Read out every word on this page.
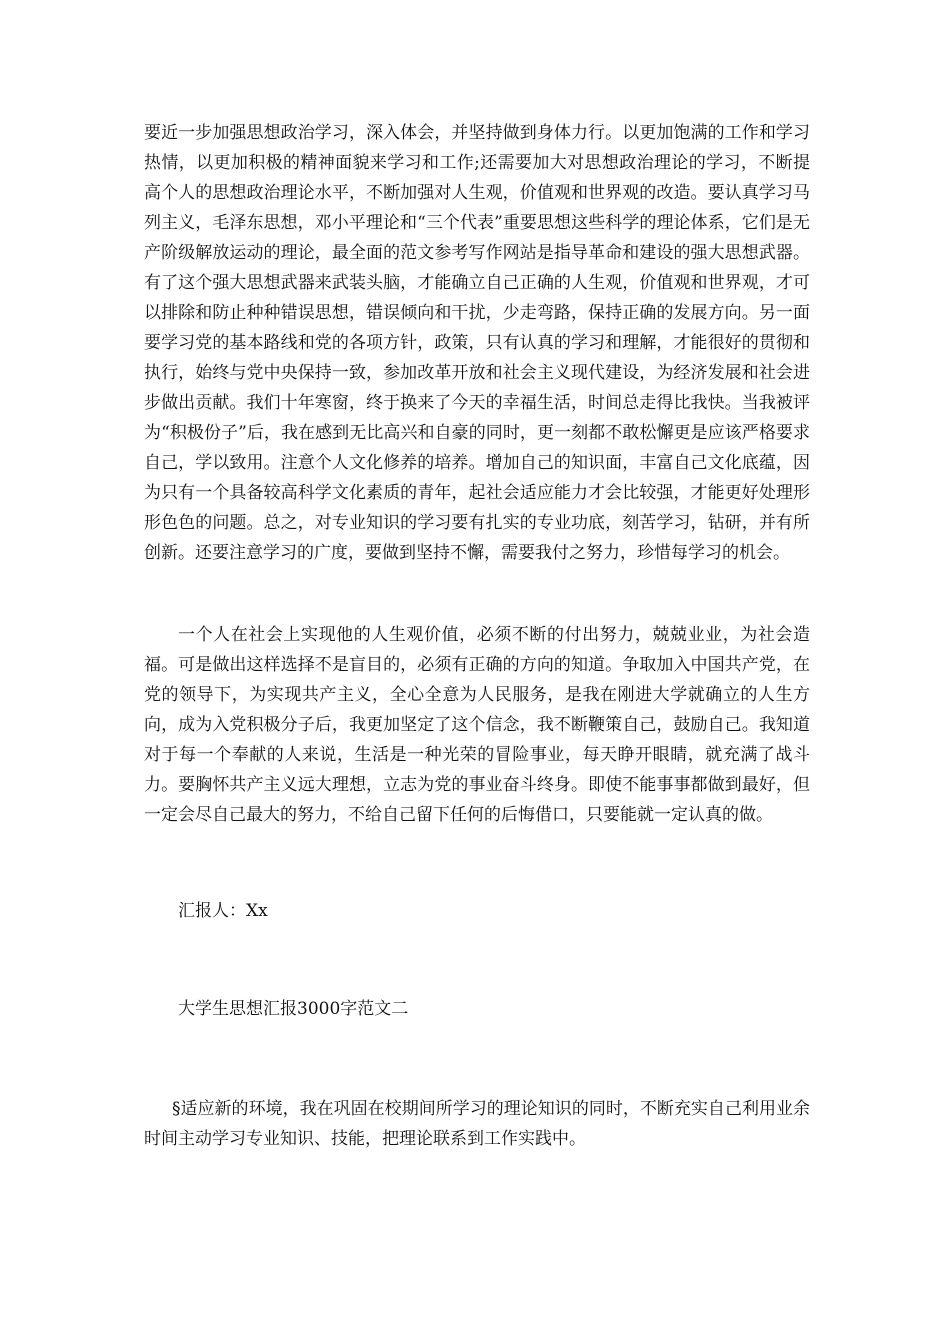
要近一步加强思想政治学习，深入体会，并坚持做到身体力行。以更加饱满的工作和学习热情，以更加积极的精神面貌来学习和工作;还需要加大对思想政治理论的学习，不断提高个人的思想政治理论水平，不断加强对人生观，价值观和世界观的改造。要认真学习马列主义，毛泽东思想，邓小平理论和“三个代表”重要思想这些科学的理论体系，它们是无产阶级解放运动的理论，最全面的范文参考写作网站是指导革命和建设的强大思想武器。有了这个强大思想武器来武装头脑，才能确立自己正确的人生观，价值观和世界观，才可以排除和防止种种错误思想，错误倾向和干扰，少走弯路，保持正确的发展方向。另一面要学习党的基本路线和党的各项方针，政策，只有认真的学习和理解，才能很好的贯彻和执行，始终与党中央保持一致，参加改革开放和社会主义现代建设，为经济发展和社会进步做出贡献。我们十年寒窗，终于换来了今天的幸福生活，时间总走得比我快。当我被评为“积极份子”后，我在感到无比高兴和自豪的同时，更一刻都不敢松懈更是应该严格要求自己，学以致用。注意个人文化修养的培养。增加自己的知识面，丰富自己文化底蕴，因为只有一个具备较高科学文化素质的青年，起社会适应能力才会比较强，才能更好处理形形色色的问题。总之，对专业知识的学习要有扎实的专业功底，刻苦学习，钻研，并有所创新。还要注意学习的广度，要做到坚持不懈，需要我付之努力，珍惜每学习的机会。

一个人在社会上实现他的人生观价值，必须不断的付出努力，兢兢业业，为社会造福。可是做出这样选择不是盲目的，必须有正确的方向的知道。争取加入中国共产党，在党的领导下，为实现共产主义，全心全意为人民服务，是我在刚进大学就确立的人生方向，成为入党积极分子后，我更加坚定了这个信念，我不断鞭策自己，鼓励自己。我知道对于每一个奉献的人来说，生活是一种光荣的冒险事业，每天睁开眼睛，就充满了战斗力。要胸怀共产主义远大理想，立志为党的事业奋斗终身。即使不能事事都做到最好，但一定会尽自己最大的努力，不给自己留下任何的后悔借口，只要能就一定认真的做。

汇报人：Xx

大学生思想汇报3000字范文二

§适应新的环境，我在巩固在校期间所学习的理论知识的同时，不断充实自己利用业余时间主动学习专业知识、技能，把理论联系到工作实践中。
